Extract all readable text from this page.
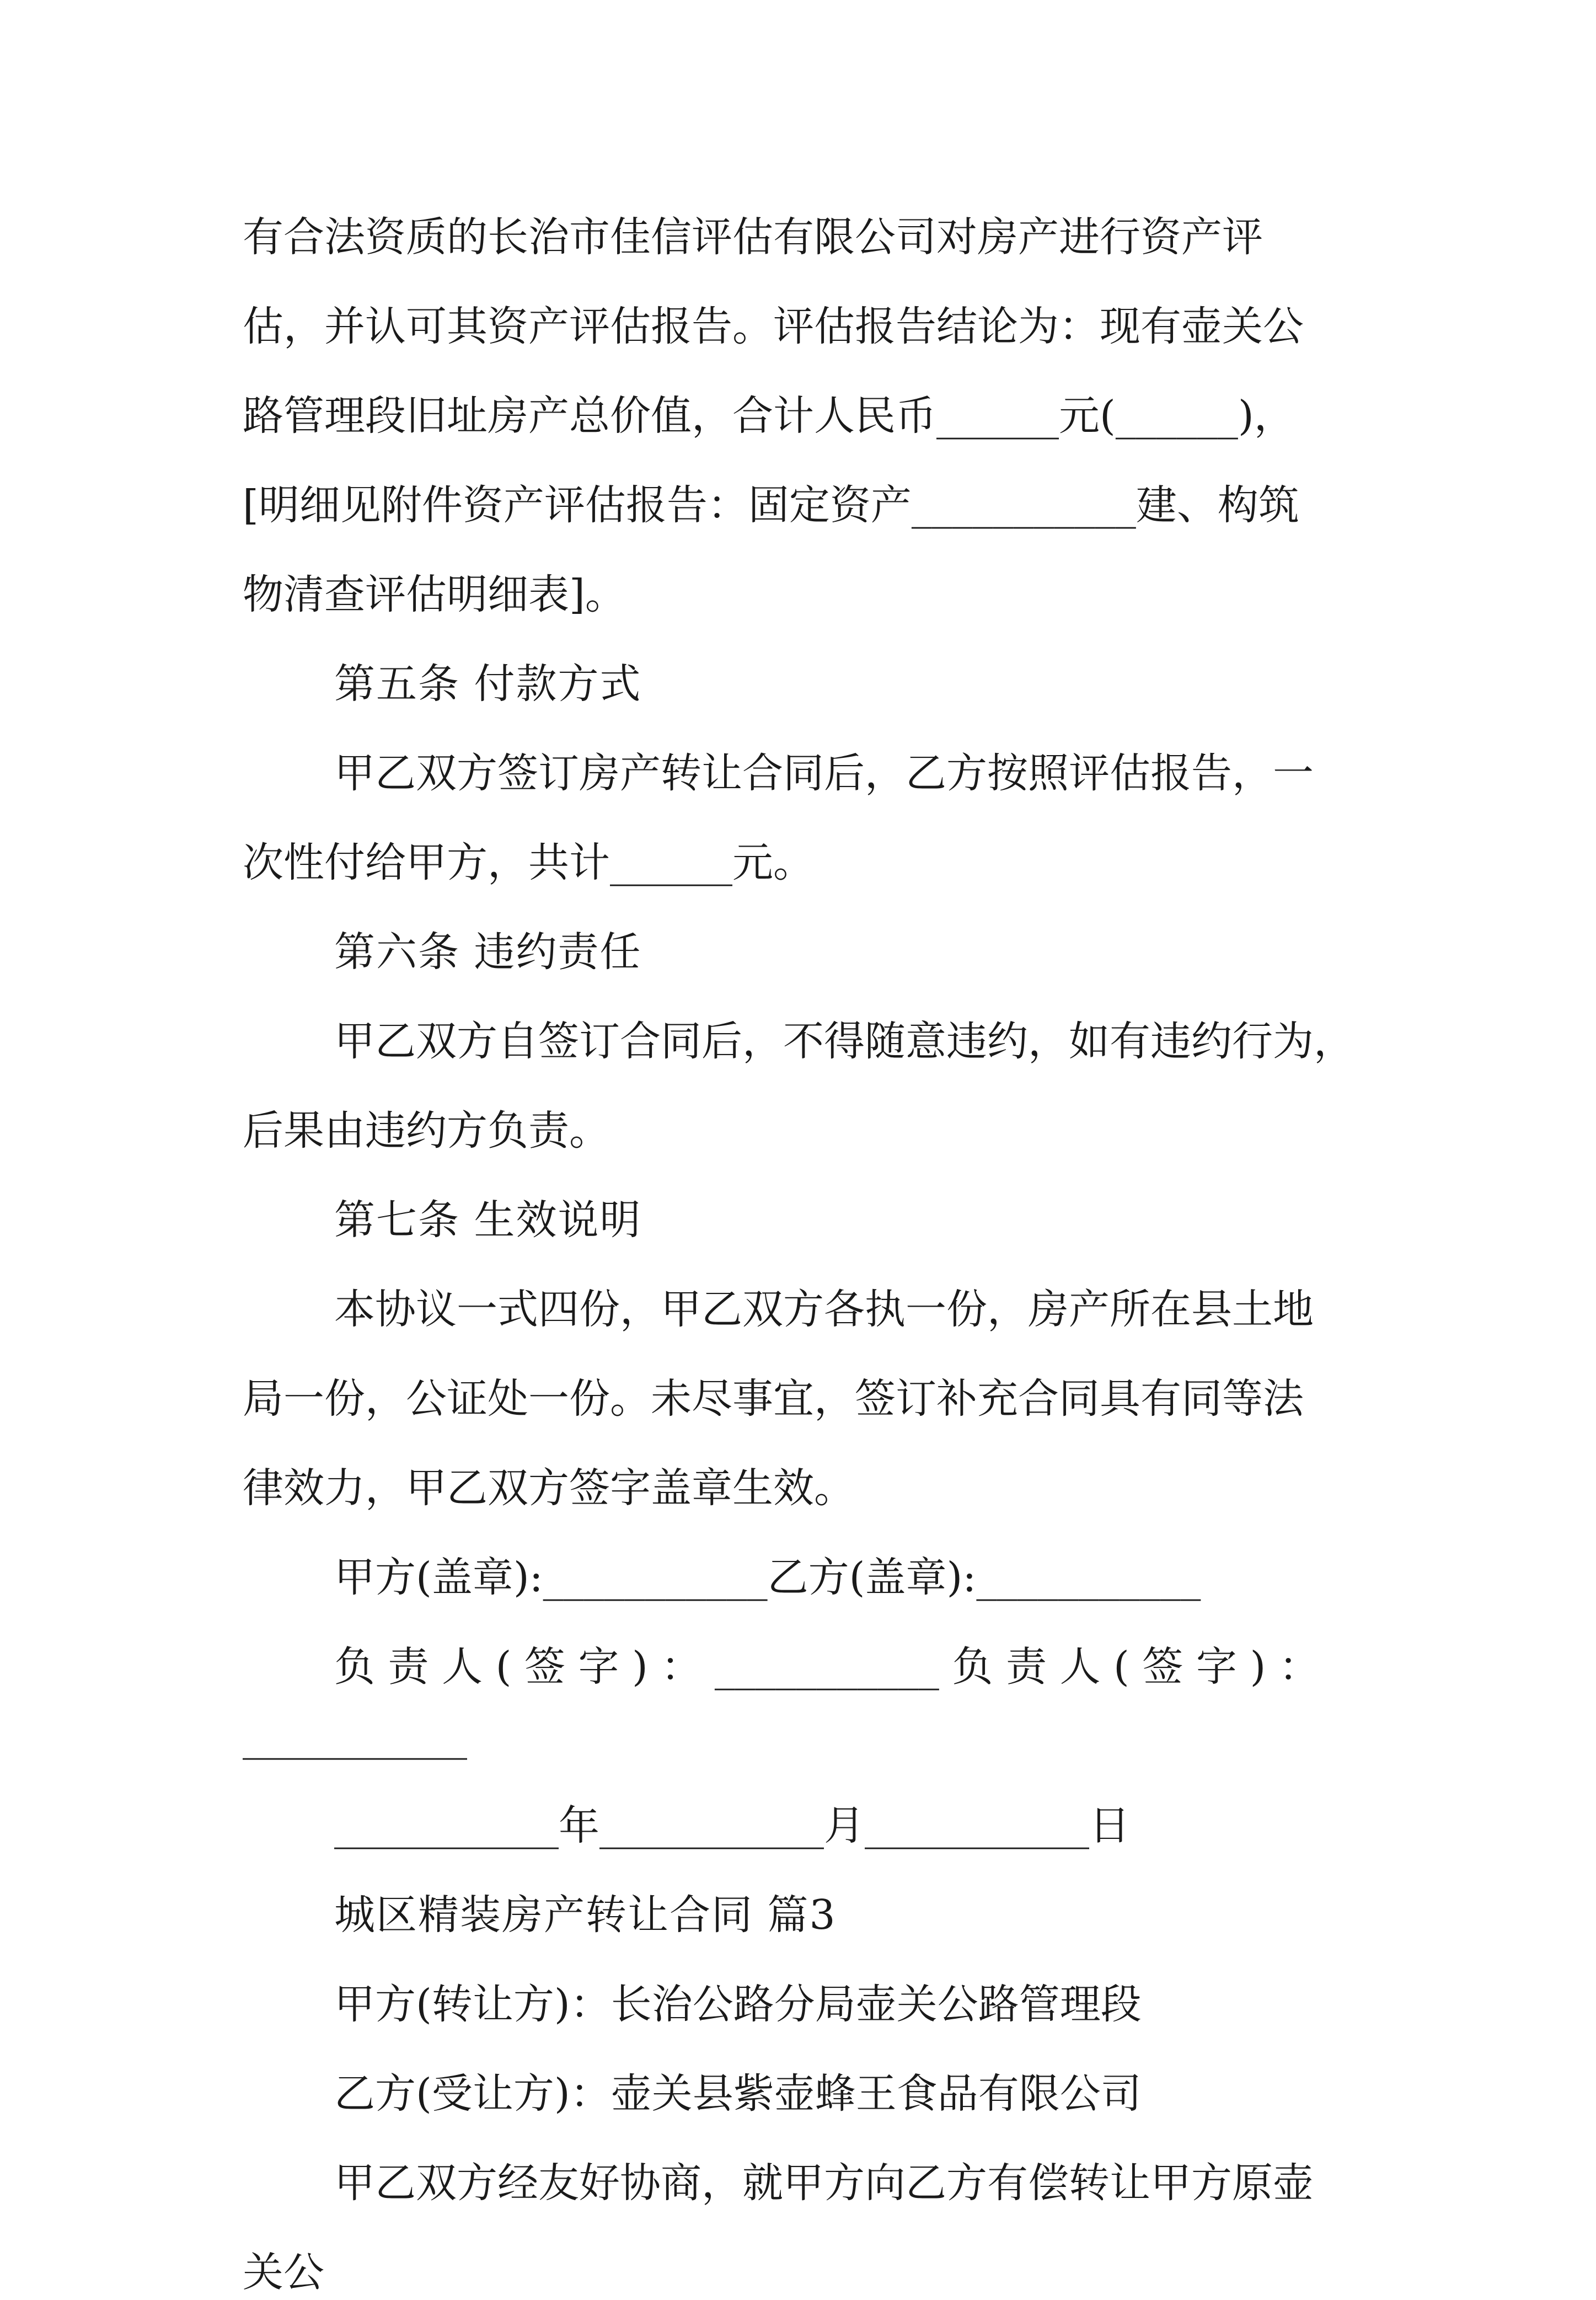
有合法资质的长治市佳信评估有限公司对房产进行资产评
估，并认可其资产评估报告。评估报告结论为：现有壶关公
路管理段旧址房产总价值，合计人民币______元(______)，
[明细见附件资产评估报告：固定资产___________建、构筑
物清查评估明细表]。
第五条 付款方式
甲乙双方签订房产转让合同后，乙方按照评估报告，一
次性付给甲方，共计______元。
第六条 违约责任
甲乙双方自签订合同后，不得随意违约，如有违约行为，
后果由违约方负责。
第七条 生效说明
本协议一式四份，甲乙双方各执一份，房产所在县土地
局一份，公证处一份。未尽事宜，签订补充合同具有同等法
律效力，甲乙双方签字盖章生效。
甲方(盖章):___________乙方(盖章):___________
负 责 人 ( 签 字 ) ： ___________ 负 责 人 ( 签 字 ) ：
___________
___________年___________月___________日
城区精装房产转让合同 篇3
甲方(转让方)：长治公路分局壶关公路管理段
乙方(受让方)：壶关县紫壶蜂王食品有限公司
甲乙双方经友好协商，就甲方向乙方有偿转让甲方原壶
关公
